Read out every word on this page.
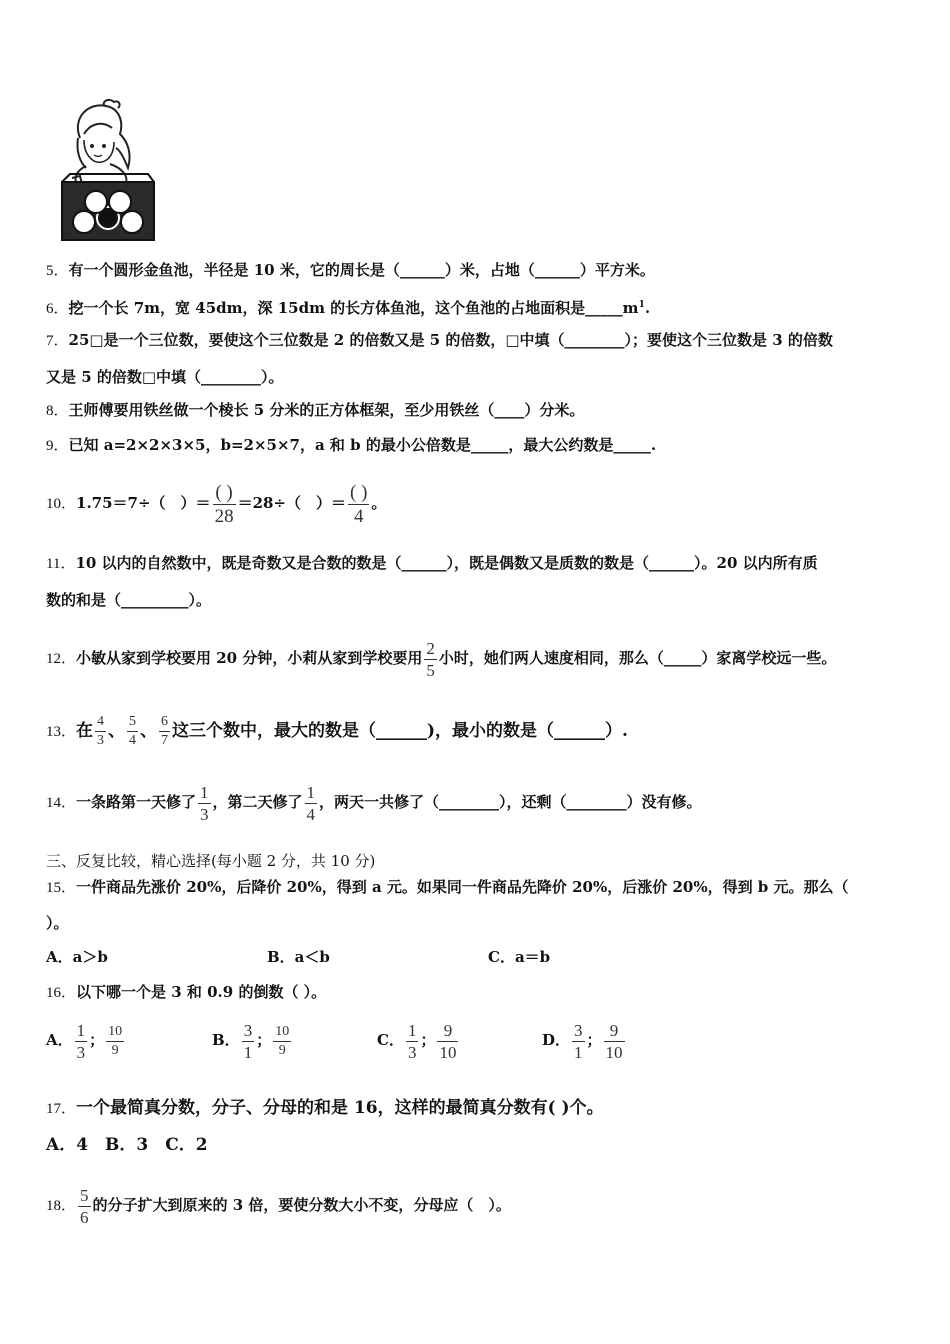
5．有一个圆形金鱼池，半径是 10 米，它的周长是（______）米，占地（______）平方米。
6．挖一个长 7m，宽 45dm，深 15dm 的长方体鱼池，这个鱼池的占地面积是$\_\_\_\_\_m^1$.
7．25□是一个三位数，要使这个三位数是 2 的倍数又是 5 的倍数，□中填（________）；要使这个三位数是 3 的倍数
又是 5 的倍数□中填（________）。
8．王师傅要用铁丝做一个棱长 5 分米的正方体框架，至少用铁丝（____）分米。
9．已知 a=2×2×3×5，b=2×5×7，a 和 b 的最小公倍数是_____，最大公约数是_____.
10．1.75＝7÷（　）＝ $\frac{( )}{28} =28\div$（　）＝ $\frac{( )}{4}$ 。
11．10 以内的自然数中，既是奇数又是合数的数是（______），既是偶数又是质数的数是（______）。20 以内所有质
数的和是（_________）。
12．小敏从家到学校要用 20 分钟，小莉从家到学校要用 $\frac{2}{5}$ 小时，她们两人速度相同，那么（_____）家离学校远一些。
13．在 $\frac{4}{3}$ 、 $\frac{5}{4}$ 、 $\frac{6}{7}$ 这三个数中，最大的数是（______)，最小的数是（______）.
14．一条路第一天修了 $\frac{1}{3}$ ，第二天修了 $\frac{1}{4}$ ，两天一共修了（________），还剩（________）没有修。
三、反复比较，精心选择(每小题 2 分，共 10 分)
15．一件商品先涨价 20%，后降价 20%，得到 a 元。如果同一件商品先降价 20%，后涨价 20%，得到 b 元。那么（
）。
A．a＞b	B．a＜b	C．a＝b
16．以下哪一个是 3 和 0.9 的倒数（ ）。
A． $\frac{1}{3}$ ； $\frac{10}{9}$	B． $\frac{3}{1}$ ； $\frac{10}{9}$	C． $\frac{1}{3}$ ； $\frac{9}{10}$	D． $\frac{3}{1}$ ； $\frac{9}{10}$
17．一个最简真分数，分子、分母的和是 16，这样的最简真分数有( )个。
A．4　B．3　C．2
18． $\frac{5}{6}$ 的分子扩大到原来的 3 倍，要使分数大小不变，分母应（　）。
